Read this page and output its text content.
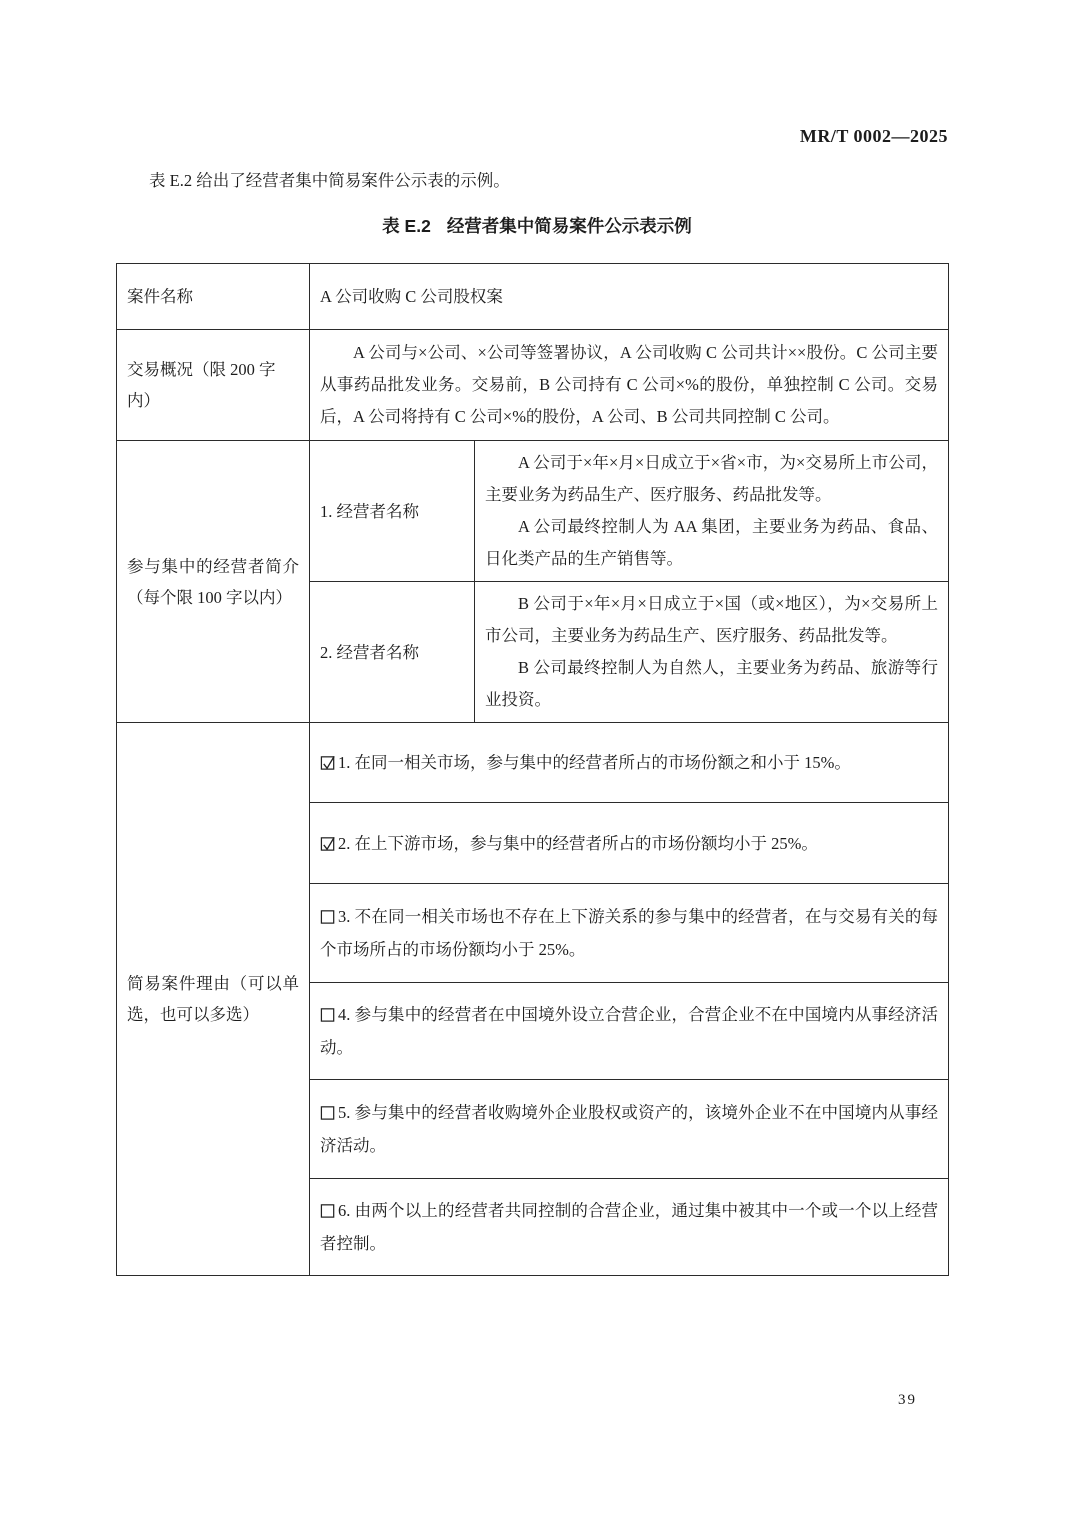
MR/T 0002—2025

表 E.2 给出了经营者集中简易案件公示表的示例。

表 E.2 经营者集中简易案件公示表示例
案件名称	A 公司收购 C 公司股权案	
交易概况（限 200 字内）	A 公司与×公司、×公司等签署协议，A 公司收购 C 公司共计××股份。C 公司主要从事药品批发业务。交易前，B 公司持有 C 公司×%的股份，单独控制 C 公司。交易后，A 公司将持有 C 公司×%的股份，A 公司、B 公司共同控制 C 公司。	

参与集中的经营者简介（每个限 100 字以内）	1. 经营者名称	A 公司于×年×月×日成立于×省×市，为×交易所上市公司，主要业务为药品生产、医疗服务、药品批发等。

A 公司最终控制人为 AA 集团，主要业务为药品、食品、日化类产品的生产销售等。

	2. 经营者名称	B 公司于×年×月×日成立于×国（或×地区），为×交易所上市公司，主要业务为药品生产、医疗服务、药品批发等。

B 公司最终控制人为自然人，主要业务为药品、旅游等行业投资。

简易案件理由（可以单选，也可以多选）	1. 在同一相关市场，参与集中的经营者所占的市场份额之和小于 15%。	

	2. 在上下游市场，参与集中的经营者所占的市场份额均小于 25%。	

	3. 不在同一相关市场也不存在上下游关系的参与集中的经营者，在与交易有关的每个市场所占的市场份额均小于 25%。	

	4. 参与集中的经营者在中国境外设立合营企业，合营企业不在中国境内从事经济活动。	

	5. 参与集中的经营者收购境外企业股权或资产的，该境外企业不在中国境内从事经济活动。	

	6. 由两个以上的经营者共同控制的合营企业，通过集中被其中一个或一个以上经营者控制。	
39
